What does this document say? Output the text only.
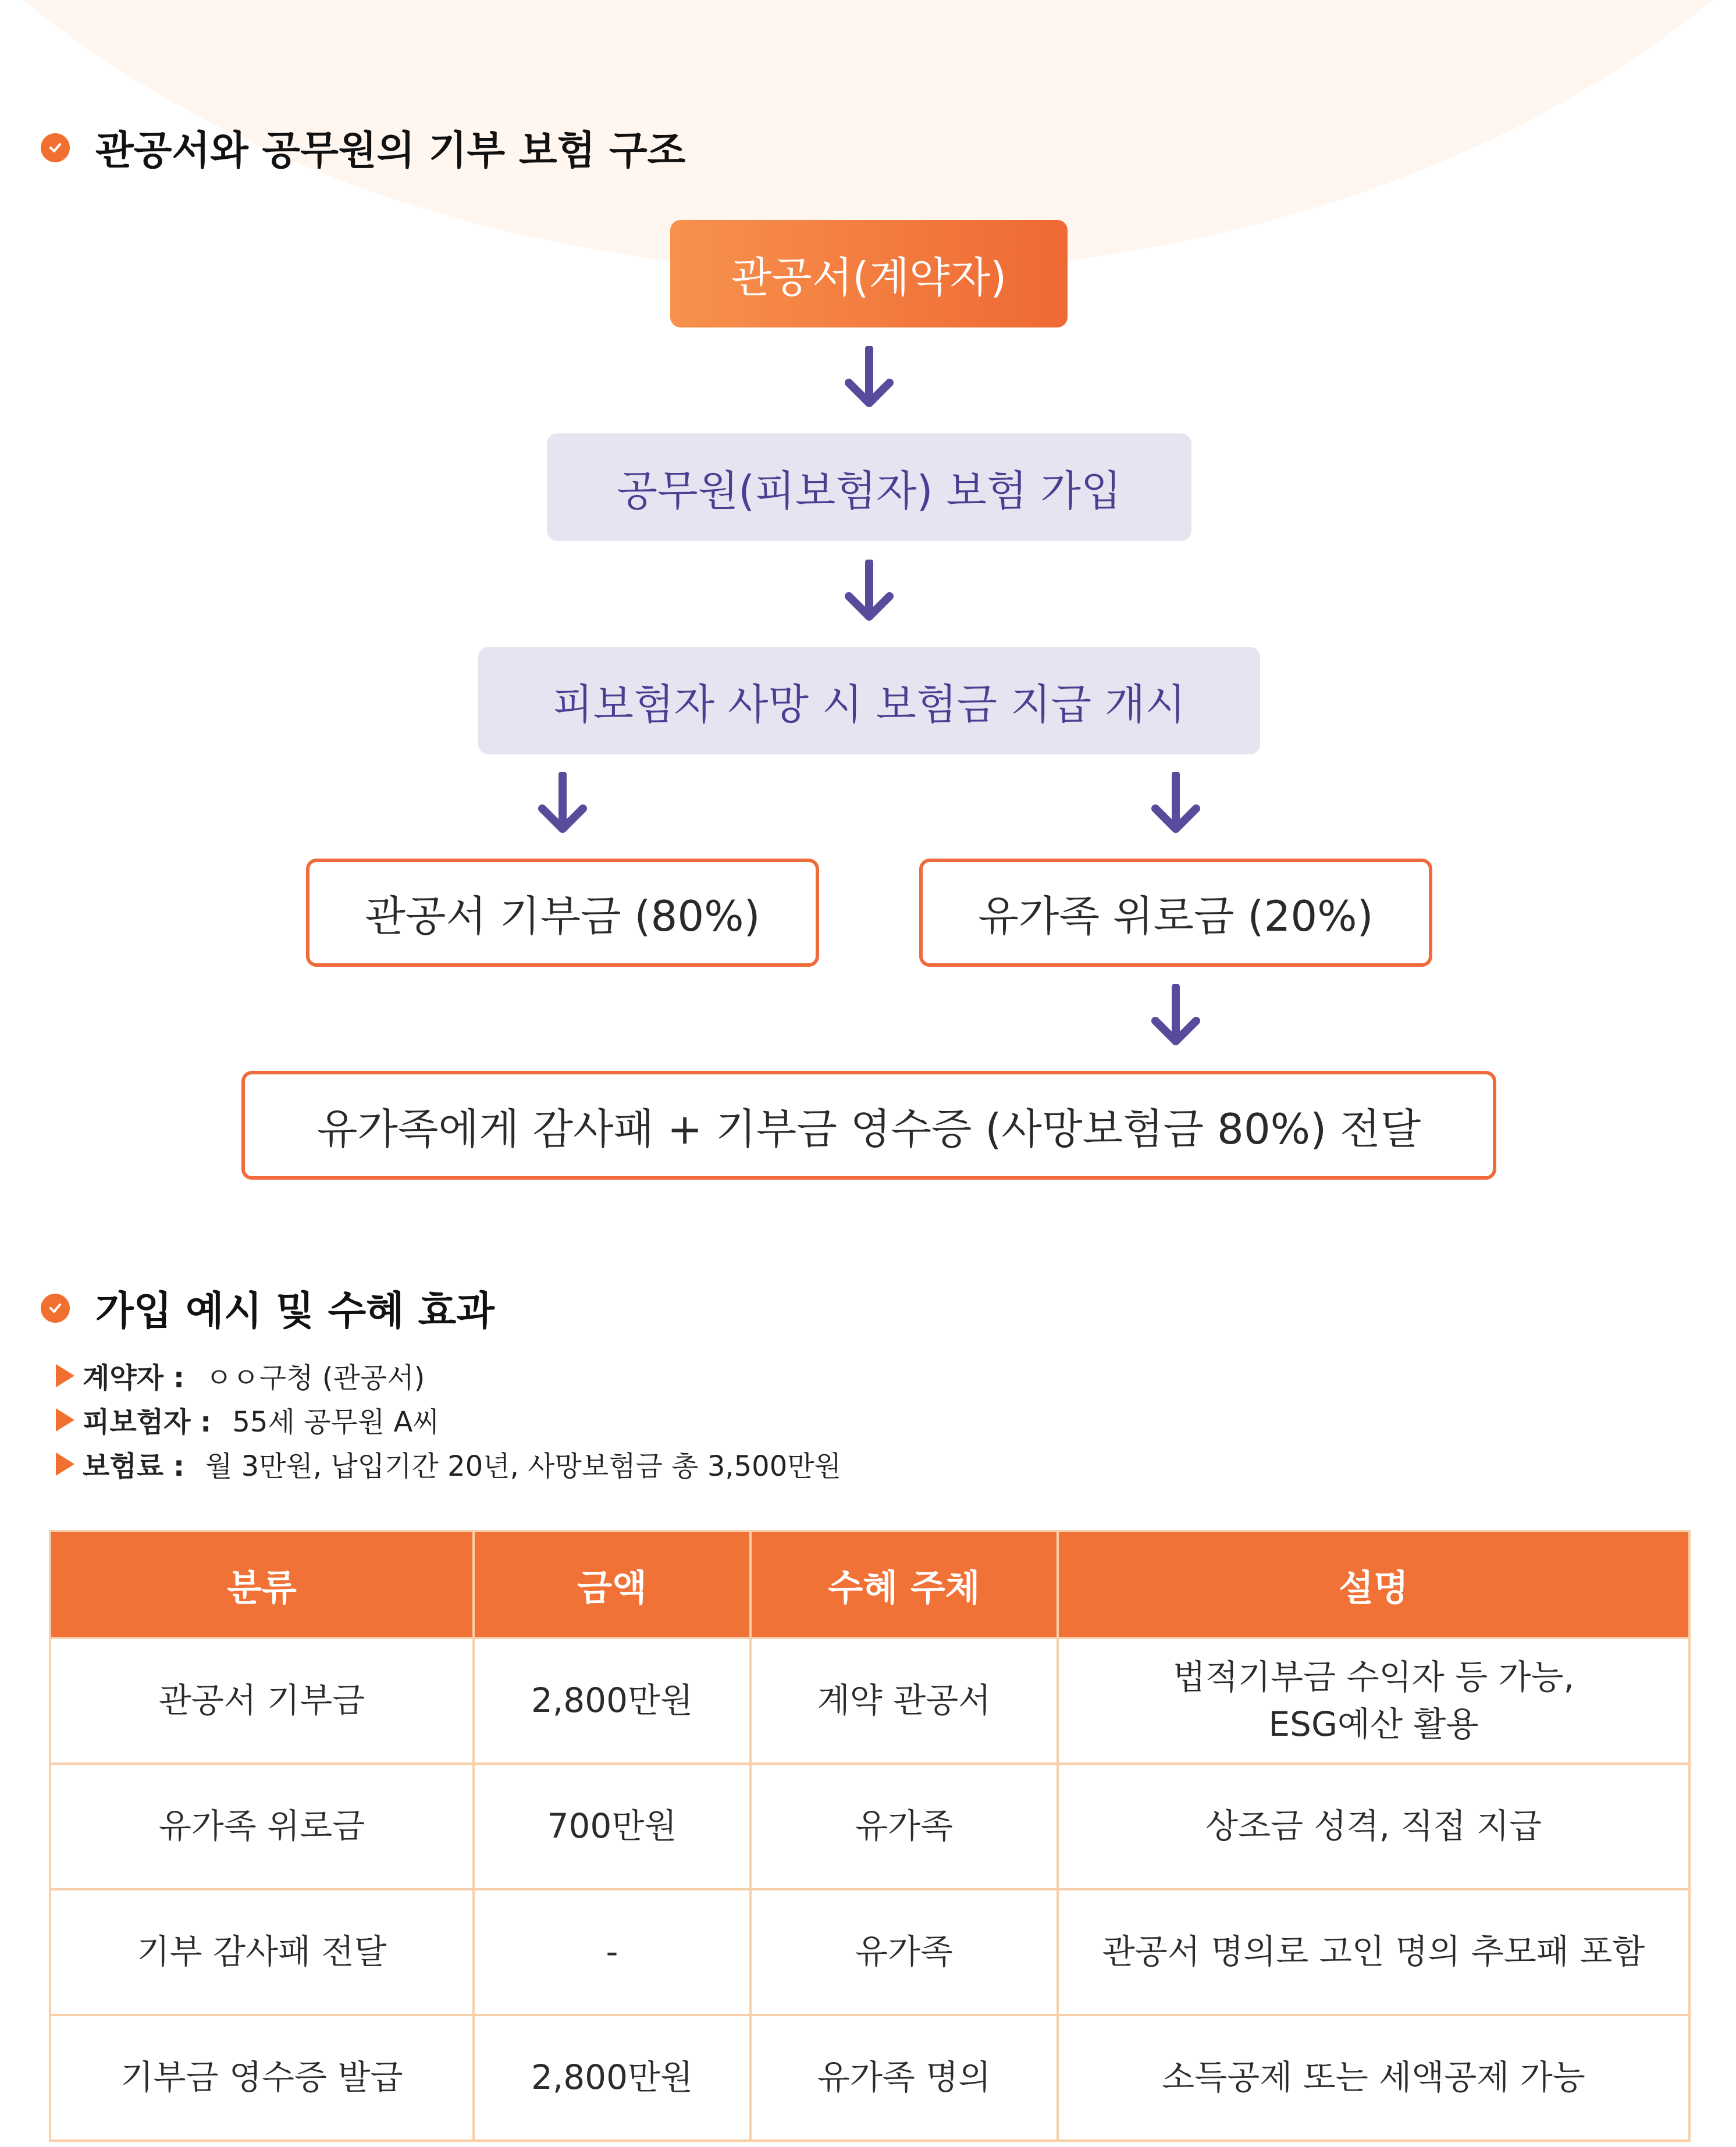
관공서와 공무원의 기부 보험 구조
관공서(계약자)
공무원(피보험자) 보험 가입
피보험자 사망 시 보험금 지급 개시
관공서 기부금 (80%)	유가족 위로금 (20%)
유가족에게 감사패 + 기부금 영수증 (사망보험금 80%) 전달
가입 예시 및 수혜 효과
계약자 : ㅇㅇ구청 (관공서)
피보험자 : 55세 공무원 A씨
보험료 : 월 3만원, 납입기간 20년, 사망보험금 총 3,500만원
분류	금액	수혜 주체	설명
관공서 기부금	2,800만원	계약 관공서	법적기부금 수익자 등 가능,
ESG예산 활용

유가족 위로금	700만원	유가족	상조금 성격, 직접 지급
기부 감사패 전달	-	유가족	관공서 명의로 고인 명의 추모패 포함
기부금 영수증 발급	2,800만원	유가족 명의	소득공제 또는 세액공제 가능
